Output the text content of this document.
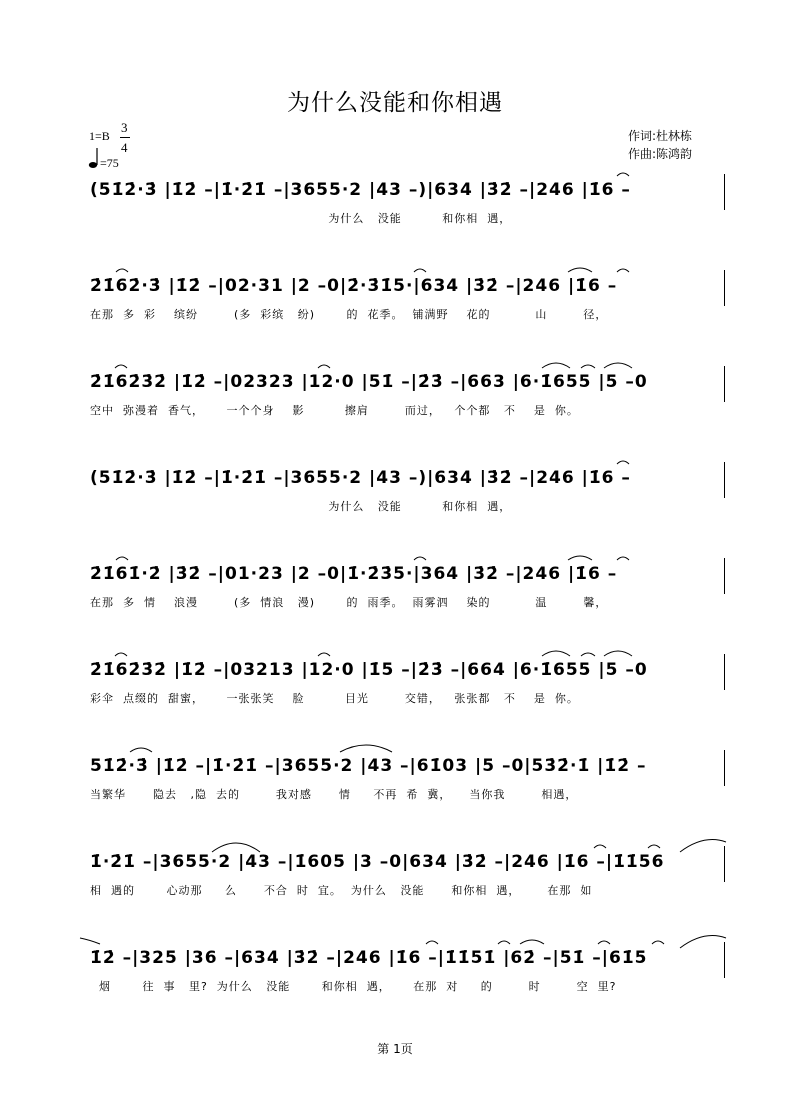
为什么没能和你相遇
1=B
3
4
=75
作词:杜林栋
作曲:陈鸿韵
(51̇2̇·3̇ |1̇2̇ –|1̇·2̇1̇ –|3655·2 |43 –)|634 |3̇2̇ –|246 |1̇6 –
为什么   没能         和你相  遇，
2̇1̇62̇·3̇ |1̇2̇ –|02·31 |2 –0|2̇·3̇1̇5·|634 |3̇2̇ –|246 |1̇6 –
在那  多  彩    缤纷        (多  彩缤   纷)       的  花季。  铺满野    花的          山        径，
2̇1̇62̇3̇2̇ |1̇2̇ –|02323 |12·0 |51̇ –|2̇3̇ –|663 |6·1̇655 |5 –0
空中  弥漫着  香气，     一个个身    影         擦肩        而过，   个个都   不    是  你。
(51̇2̇·3̇ |1̇2̇ –|1̇·2̇1̇ –|3655·2 |43 –)|634 |3̇2̇ –|246 |1̇6 –
为什么   没能         和你相  遇，
2̇1̇61̇·2̇ |3̇2̇ –|01·23 |2 –0|1̇·2̇3̇5·|364 |3̇2̇ –|246 |1̇6 –
在那  多  情    浪漫        (多  情浪   漫)       的  雨季。  雨雾泗    染的          温        馨，
2̇1̇62̇3̇2̇ |1̇2̇ –|03213 |12·0 |1̇5 –|2̇3̇ –|664 |6·1̇655 |5 –0
彩伞  点缀的  甜蜜，     一张张笑    脸         目光        交错，   张张都   不    是  你。
51̇2̇·3̇ |1̇2̇ –|1̇·2̇1̇ –|3655·2 |43 –|61̇03 |5 –0|53̇2̇·1̇ |1̇2̇ –
当繁华      隐去   ,隐  去的        我对感      情     不再  希  冀，    当你我        相遇，
1̇·2̇1̇ –|3655·2 |43 –|1̇605 |3 –0|634 |3̇2̇ –|246 |1̇6 –|1̇1̇56
相  遇的       心动那     么      不合  时  宜。  为什么   没能      和你相  遇，      在那  如
1̇2̇ –|325 |36 –|634 |3̇2̇ –|246 |1̇6 –|1̇1̇51̇ |62̇ –|51̇ –|61̇5
烟       往  事   里?  为什么   没能       和你相  遇，     在那  对     的        时        空  里?
第 1页
